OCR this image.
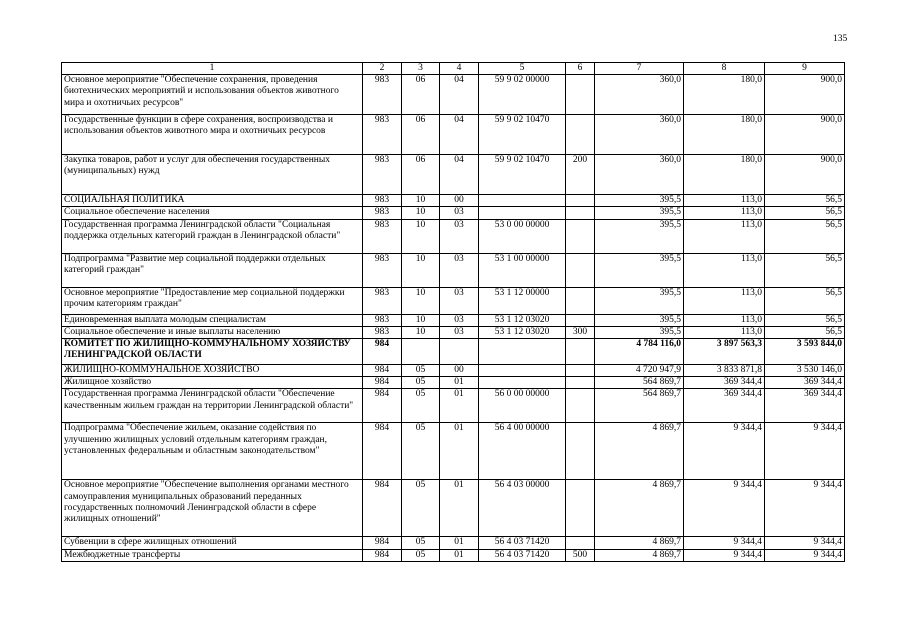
135
1	2	3	4	5	6	7	8	9
Основное мероприятие "Обеспечение сохранения, проведения биотехнических мероприятий и использования объектов животного мира и охотничьих ресурсов"	983	06	04	59 9 02 00000		360,0	180,0	900,0
Государственные функции в сфере сохранения, воспроизводства и использования объектов животного мира и охотничьих ресурсов	983	06	04	59 9 02 10470		360,0	180,0	900,0
Закупка товаров, работ и услуг для обеспечения государственных (муниципальных) нужд	983	06	04	59 9 02 10470	200	360,0	180,0	900,0
СОЦИАЛЬНАЯ ПОЛИТИКА	983	10	00			395,5	113,0	56,5
Социальное обеспечение населения	983	10	03			395,5	113,0	56,5
Государственная программа Ленинградской области "Социальная поддержка отдельных категорий граждан в Ленинградской области"	983	10	03	53 0 00 00000		395,5	113,0	56,5
Подпрограмма "Развитие мер социальной поддержки отдельных категорий граждан"	983	10	03	53 1 00 00000		395,5	113,0	56,5
Основное мероприятие "Предоставление мер социальной поддержки прочим категориям граждан"	983	10	03	53 1 12 00000		395,5	113,0	56,5
Единовременная выплата молодым специалистам	983	10	03	53 1 12 03020		395,5	113,0	56,5
Социальное обеспечение и иные выплаты населению	983	10	03	53 1 12 03020	300	395,5	113,0	56,5
КОМИТЕТ ПО ЖИЛИЩНО-КОММУНАЛЬНОМУ ХОЗЯЙСТВУ ЛЕНИНГРАДСКОЙ ОБЛАСТИ	984					4 784 116,0	3 897 563,3	3 593 844,0
ЖИЛИЩНО-КОММУНАЛЬНОЕ ХОЗЯЙСТВО	984	05	00			4 720 947,9	3 833 871,8	3 530 146,0
Жилищное хозяйство	984	05	01			564 869,7	369 344,4	369 344,4
Государственная программа Ленинградской области "Обеспечение качественным жильем граждан на территории Ленинградской области"	984	05	01	56 0 00 00000		564 869,7	369 344,4	369 344,4
Подпрограмма "Обеспечение жильем, оказание содействия по улучшению жилищных условий отдельным категориям граждан, установленных федеральным и областным законодательством"	984	05	01	56 4 00 00000		4 869,7	9 344,4	9 344,4
Основное мероприятие "Обеспечение выполнения органами местного самоуправления муниципальных образований переданных государственных полномочий Ленинградской области в сфере жилищных отношений"	984	05	01	56 4 03 00000		4 869,7	9 344,4	9 344,4
Субвенции в сфере жилищных отношений	984	05	01	56 4 03 71420		4 869,7	9 344,4	9 344,4
Межбюджетные трансферты	984	05	01	56 4 03 71420	500	4 869,7	9 344,4	9 344,4
